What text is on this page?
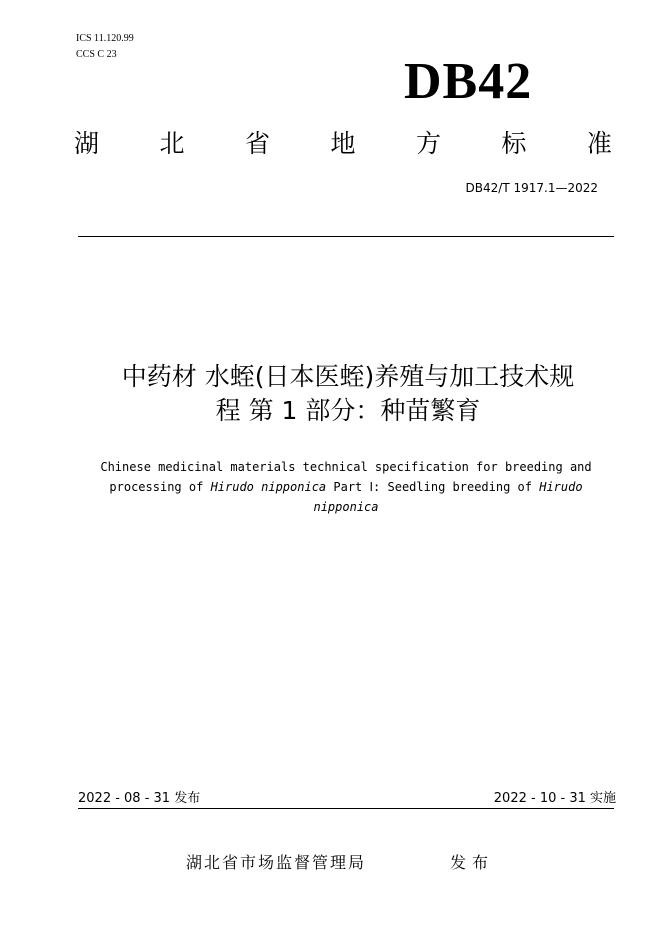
ICS 11.120.99
CCS C 23	DB42
湖 北 省 地 方 标 准
DB42/T 1917.1—2022
中药材 水蛭(日本医蛭)养殖与加工技术规
程 第 1 部分：种苗繁育
Chinese medicinal materials technical specification for breeding and processing of Hirudo nipponica Part Ⅰ: Seedling breeding of Hirudo nipponica
2022 - 08 - 31 发布	2022 - 10 - 31 实施
湖北省市场监督管理局	发布
